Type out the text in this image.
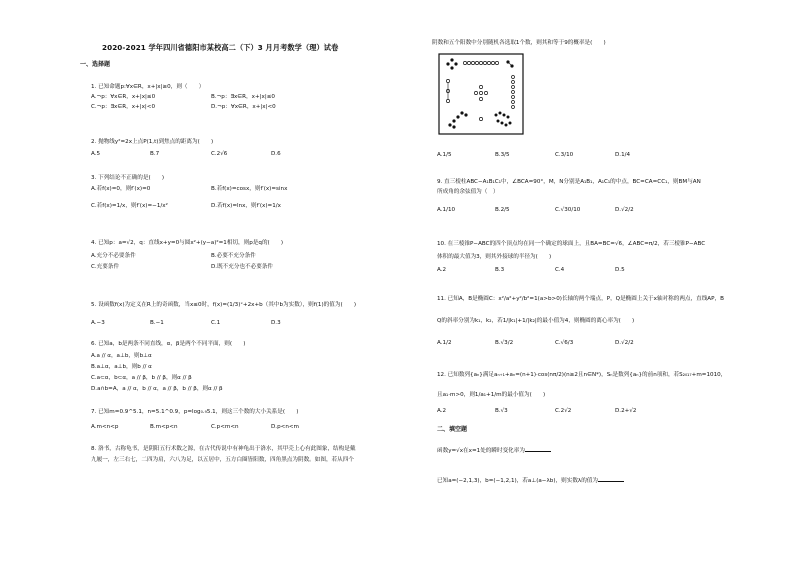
2020-2021 学年四川省德阳市某校高二（下）3 月月考数学（理）试卷
一、选择题
1. 已知命题p:∀x∈R，x+|x|≥0，则（　　）
A.¬p：∀x∈R，x+|x|≤0	B.¬p：∃x∈R，x+|x|≤0
C.¬p：∃x∈R，x+|x|<0	D.¬p：∀x∈R，x+|x|<0
2. 抛物线y²=2x上点P(1,t)到焦点的距离为(　　)
A.5	B.7	C.2√6	D.6
3. 下列结论不正确的是(　　)
A.若f(x)=0，则f′(x)=0	B.若f(x)=cosx，则f′(x)=sinx
C.若f(x)=1/x，则f′(x)=−1/x²	D.若f(x)=lnx，则f′(x)=1/x
4. 已知p：a=√2，q：直线x+y=0与圆x²+(y−a)²=1相切，则p是q的(　　)
A.充分不必要条件	B.必要不充分条件
C.充要条件	D.既不充分也不必要条件
5. 设函数f(x)为定义在R上的奇函数，当x≤0时，f(x)=(1/3)ˣ+2x+b（其中b为实数），则f(1)的值为(　　)
A.−3	B.−1	C.1	D.3
6. 已知a，b是两条不同直线，α，β是两个不同平面，则(　　)
A.a // α，a⊥b，则b⊥α
B.a⊥α，a⊥b，则b // α
C.a⊂α，b⊂α，a // β，b // β，则α // β
D.a∩b=A，a // α，b // α，a // β，b // β，则α // β
7. 已知m=0.9^5.1，n=5.1^0.9，p=log₀.₉5.1，则这三个数的大小关系是(　　)
A.m<n<p	B.m<p<n	C.p<m<n	D.p<n<m
8. 洛书，古称龟书，是阴阳五行术数之源，在古代传说中有神龟出于洛水，其甲壳上心有此图象，结构是戴
九履一，左三右七，二四为肩，六八为足，以五居中，五方白圈皆阳数，四角黑点为阴数。如图，若从四个
阴数和五个阳数中分别随机各选取1个数，则其和等于9的概率是(　　)
A.1/5	B.3/5	C.3/10	D.1/4
9. 直三棱柱ABC−A₁B₁C₁中，∠BCA=90°，M，N分别是A₁B₁，A₁C₁的中点，BC=CA=CC₁，则BM与AN
所成角的余弦值为（　）
A.1/10	B.2/5	C.√30/10	D.√2/2
10. 在三棱锥P−ABC的四个顶点均在同一个确定的球面上，且BA=BC=√6，∠ABC=π/2，若三棱锥P−ABC
体积的最大值为3，则其外接球的半径为(　　)
A.2	B.3	C.4	D.5
11. 已知A，B是椭圆C：x²/a²+y²/b²=1(a>b>0)长轴的两个端点，P，Q是椭圆上关于x轴对称的两点，直线AP，B
Q的斜率分别为k₁，k₂，若1/|k₁|+1/|k₂|的最小值为4，则椭圆的离心率为(　　)
A.1/2	B.√3/2	C.√6/3	D.√2/2
12. 已知数列{aₙ}满足aₙ₊₁+aₙ=(n+1)·cos(nπ/2)(n≥2且n∈N*)，Sₙ是数列{aₙ}的前n项和，若S₂₀₁₇+m=1010，
且a₁·m>0，则1/a₁+1/m的最小值为(　　)
A.2	B.√3	C.2√2	D.2+√2
二、填空题
函数y=√x在x=1处的瞬时变化率为
已知a=(−2,1,3)，b=(−1,2,1)，若a⊥(a−λb)，则实数λ的值为
